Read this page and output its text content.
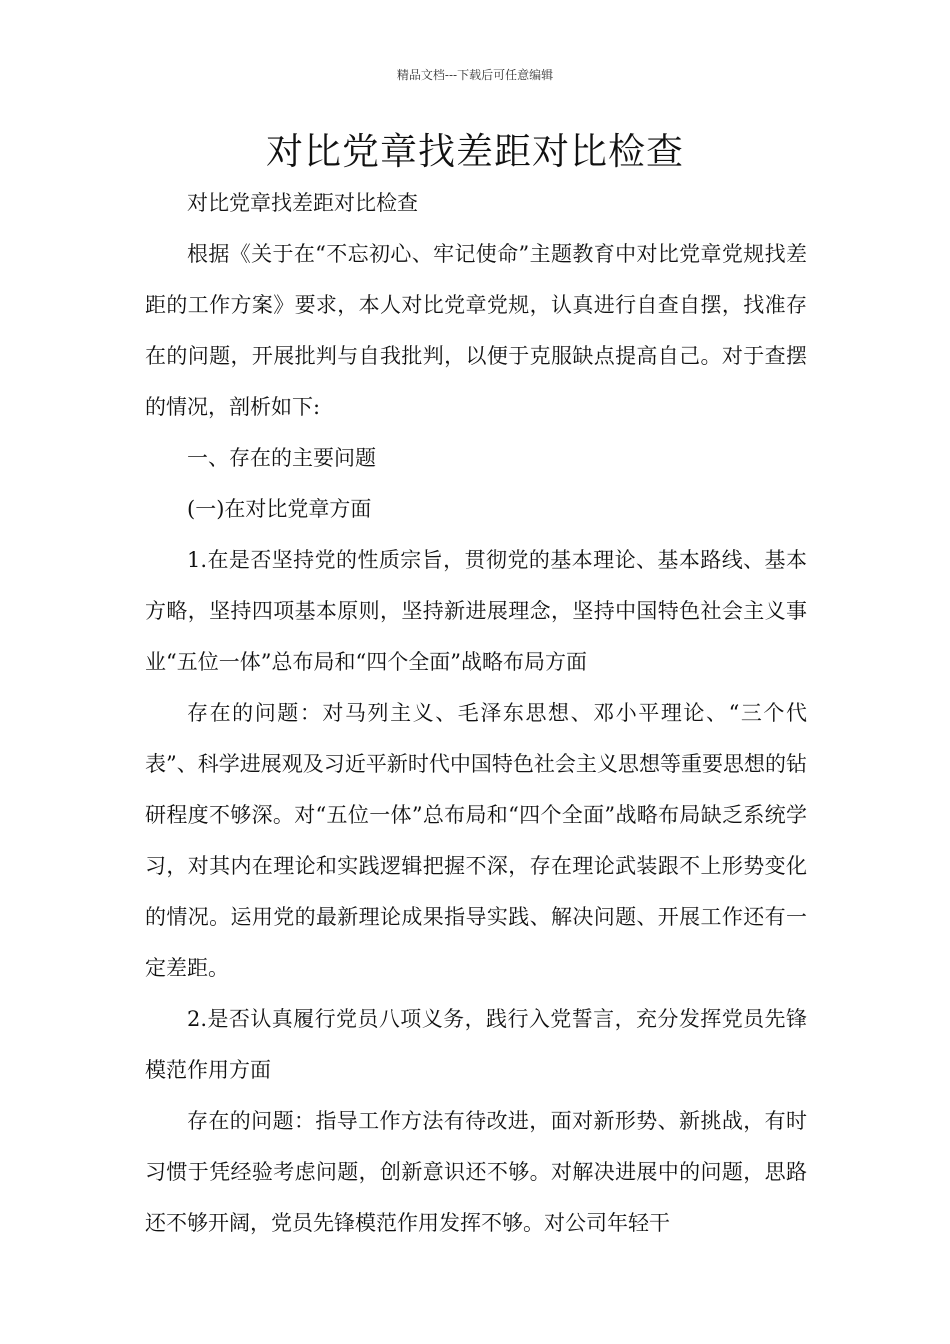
精品文档---下载后可任意编辑
对比党章找差距对比检查

对比党章找差距对比检查

根据《关于在“不忘初心、牢记使命”主题教育中对比党章党规找差距的工作方案》要求，本人对比党章党规，认真进行自查自摆，找准存在的问题，开展批判与自我批判，以便于克服缺点提高自己。对于查摆的情况，剖析如下:

一、存在的主要问题

(一)在对比党章方面

1.在是否坚持党的性质宗旨，贯彻党的基本理论、基本路线、基本方略，坚持四项基本原则，坚持新进展理念，坚持中国特色社会主义事业“五位一体”总布局和“四个全面”战略布局方面

存在的问题：对马列主义、毛泽东思想、邓小平理论、“三个代表”、科学进展观及习近平新时代中国特色社会主义思想等重要思想的钻研程度不够深。对“五位一体”总布局和“四个全面”战略布局缺乏系统学习，对其内在理论和实践逻辑把握不深，存在理论武装跟不上形势变化的情况。运用党的最新理论成果指导实践、解决问题、开展工作还有一定差距。

2.是否认真履行党员八项义务，践行入党誓言，充分发挥党员先锋模范作用方面

存在的问题：指导工作方法有待改进，面对新形势、新挑战，有时习惯于凭经验考虑问题，创新意识还不够。对解决进展中的问题，思路还不够开阔，党员先锋模范作用发挥不够。对公司年轻干
